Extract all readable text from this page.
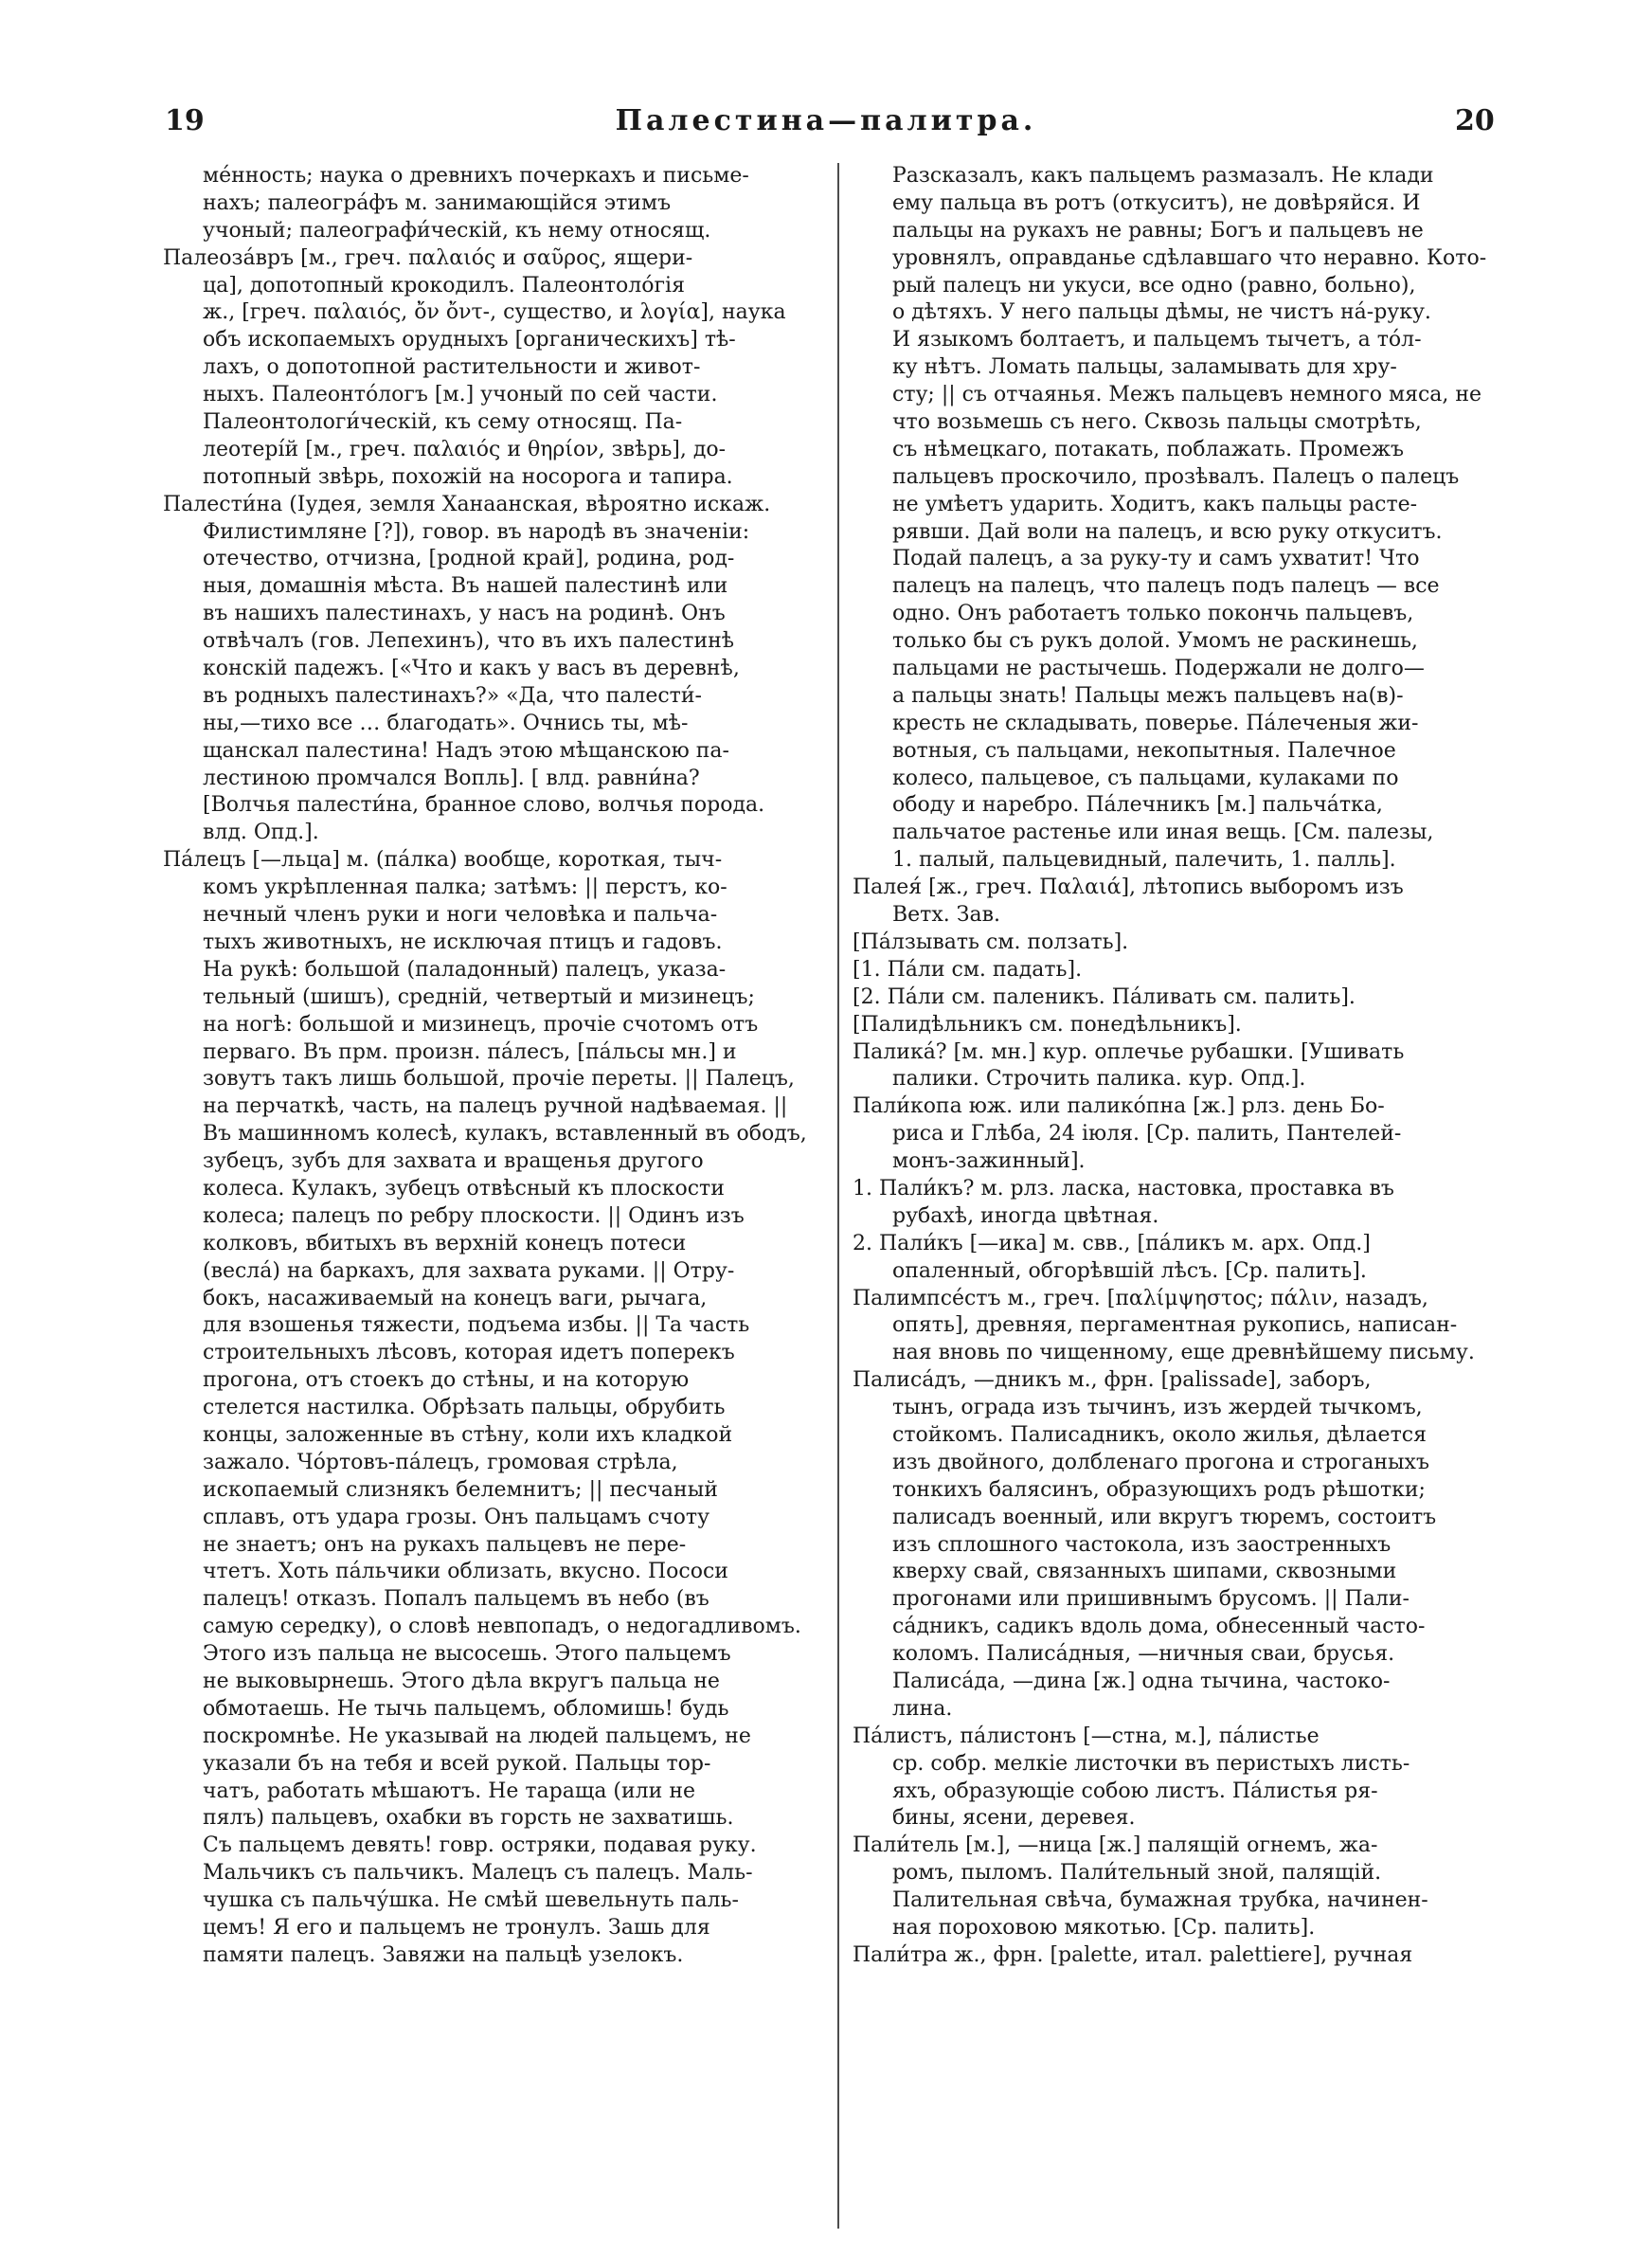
19	Палестина—палитра.	20
ме́нность; наука о древнихъ почеркахъ и письме-
нахъ; палеогра́фъ м. занимающійся этимъ
учоный; палеографи́ческій, къ нему относящ.
Палеоза́връ [м., греч. παλαιός и σαῦρος, ящери-
ца], допотопный крокодилъ. Палеонтоло́гія
ж., [греч. παλαιός, ὄν ὄντ-, существо, и λογία], наука
объ ископаемыхъ орудныхъ [органическихъ] тѣ-
лахъ, о допотопной растительности и живот-
ныхъ. Палеонто́логъ [м.] учоный по сей части.
Палеонтологи́ческій, къ сему относящ. Па-
леотері́й [м., греч. παλαιός и θηρίον, звѣрь], до-
потопный звѣрь, похожій на носорога и тапира.
Палести́на (Іудея, земля Ханаанская, вѣроятно искаж.
Филистимляне [?]), говор. въ народѣ въ значеніи:
отечество, отчизна, [родной край], родина, род-
ныя, домашнія мѣста. Въ нашей палестинѣ или
въ нашихъ палестинахъ, у насъ на родинѣ. Онъ
отвѣчалъ (гов. Лепехинъ), что въ ихъ палестинѣ
конскій падежъ. [«Что и какъ у васъ въ деревнѣ,
въ родныхъ палестинахъ?» «Да, что палести́-
ны,—тихо все … благодать». Очнись ты, мѣ-
щанскал палестина! Надъ этою мѣщанскою па-
лестиною промчался Вопль]. [ влд. равни́на?
[Волчья палести́на, бранное слово, волчья порода.
влд. Опд.].
Па́лецъ [—льца] м. (па́лка) вообще, короткая, тыч-
комъ укрѣпленная палка; затѣмъ: || перстъ, ко-
нечный членъ руки и ноги человѣка и пальча-
тыхъ животныхъ, не исключая птицъ и гадовъ.
На рукѣ: большой (паладонный) палецъ, указа-
тельный (шишъ), средній, четвертый и мизинецъ;
на ногѣ: большой и мизинецъ, прочіе счотомъ отъ
перваго. Въ прм. произн. па́лесъ, [па́льсы мн.] и
зовутъ такъ лишь большой, прочіе переты. || Палецъ,
на перчаткѣ, часть, на палецъ ручной надѣваемая. ||
Въ машинномъ колесѣ, кулакъ, вставленный въ ободъ,
зубецъ, зубъ для захвата и вращенья другого
колеса. Кулакъ, зубецъ отвѣсный къ плоскости
колеса; палецъ по ребру плоскости. || Одинъ изъ
колковъ, вбитыхъ въ верхній конецъ потеси
(весла́) на баркахъ, для захвата руками. || Отру-
бокъ, насаживаемый на конецъ ваги, рычага,
для взошенья тяжести, подъема избы. || Та часть
строительныхъ лѣсовъ, которая идетъ поперекъ
прогона, отъ стоекъ до стѣны, и на которую
стелется настилка. Обрѣзать пальцы, обрубить
концы, заложенные въ стѣну, коли ихъ кладкой
зажало. Чо́ртовъ-па́лецъ, громовая стрѣла,
ископаемый слизнякъ белемнитъ; || песчаный
сплавъ, отъ удара грозы. Онъ пальцамъ счоту
не знаетъ; онъ на рукахъ пальцевъ не пере-
чтетъ. Хоть па́льчики облизать, вкусно. Пососи
палецъ! отказъ. Попалъ пальцемъ въ небо (въ
самую середку), о словѣ невпопадъ, о недогадливомъ.
Этого изъ пальца не высосешь. Этого пальцемъ
не выковырнешь. Этого дѣла вкругъ пальца не
обмотаешь. Не тычь пальцемъ, обломишь! будь
поскромнѣе. Не указывай на людей пальцемъ, не
указали бъ на тебя и всей рукой. Пальцы тор-
чатъ, работать мѣшаютъ. Не тараща (или не
пялъ) пальцевъ, охабки въ горсть не захватишь.
Съ пальцемъ девять! говр. остряки, подавая руку.
Мальчикъ съ пальчикъ. Малецъ съ палецъ. Маль-
чушка съ пальчу́шка. Не смѣй шевельнуть паль-
цемъ! Я его и пальцемъ не тронулъ. Зашь для
памяти палецъ. Завяжи на пальцѣ узелокъ.
Разсказалъ, какъ пальцемъ размазалъ. Не клади
ему пальца въ ротъ (откуситъ), не довѣряйся. И
пальцы на рукахъ не равны; Богъ и пальцевъ не
уровнялъ, оправданье сдѣлавшаго что неравно. Кото-
рый палецъ ни укуси, все одно (равно, больно),
о дѣтяхъ. У него пальцы дѣмы, не чистъ на́-руку.
И языкомъ болтаетъ, и пальцемъ тычетъ, а то́л-
ку нѣтъ. Ломать пальцы, заламывать для хру-
сту; || съ отчаянья. Межъ пальцевъ немного мяса, не
что возьмешь съ него. Сквозь пальцы смотрѣть,
съ нѣмецкаго, потакать, поблажать. Промежъ
пальцевъ проскочило, прозѣвалъ. Палецъ о палецъ
не умѣетъ ударить. Ходитъ, какъ пальцы расте-
рявши. Дай воли на палецъ, и всю руку откуситъ.
Подай палецъ, а за руку-ту и самъ ухватит! Что
палецъ на палецъ, что палецъ подъ палецъ — все
одно. Онъ работаетъ только покончь пальцевъ,
только бы съ рукъ долой. Умомъ не раскинешь,
пальцами не растычешь. Подержали не долго—
а пальцы знать! Пальцы межъ пальцевъ на(в)-
кресть не складывать, поверье. Па́леченыя жи-
вотныя, съ пальцами, некопытныя. Палечное
колесо, пальцевое, съ пальцами, кулаками по
ободу и наребро. Па́лечникъ [м.] пальча́тка,
пальчатое растенье или иная вещь. [См. палезы,
1. палый, пальцевидный, палечить, 1. палль].
Палея́ [ж., греч. Παλαιά], лѣтопись выборомъ изъ
Ветх. Зав.
[Па́лзывать см. ползать].
[1. Па́ли см. падать].
[2. Па́ли см. паленикъ. Па́ливать см. палить].
[Палидѣльникъ см. понедѣльникъ].
Палика́? [м. мн.] кур. оплечье рубашки. [Ушивать
палики. Строчить палика. кур. Опд.].
Пали́копа юж. или палико́пна [ж.] рлз. день Бо-
риса и Глѣба, 24 іюля. [Ср. палить, Пантелей-
монъ-зажинный].
1. Пали́къ? м. рлз. ласка, настовка, проставка въ
рубахѣ, иногда цвѣтная.
2. Пали́къ [—ика] м. свв., [па́ликъ м. арх. Опд.]
опаленный, обгорѣвшій лѣсъ. [Ср. палить].
Палимпсе́стъ м., греч. [παλίμψηστος; πάλιν, назадъ,
опять], древняя, пергаментная рукопись, написан-
ная вновь по чищенному, еще древнѣйшему письму.
Палиса́дъ, —дникъ м., фрн. [palissade], заборъ,
тынъ, ограда изъ тычинъ, изъ жердей тычкомъ,
стойкомъ. Палисадникъ, около жилья, дѣлается
изъ двойного, долбленаго прогона и строганыхъ
тонкихъ балясинъ, образующихъ родъ рѣшотки;
палисадъ военный, или вкругъ тюремъ, состоитъ
изъ сплошного частокола, изъ заостренныхъ
кверху свай, связанныхъ шипами, сквозными
прогонами или пришивнымъ брусомъ. || Пали-
са́дникъ, садикъ вдоль дома, обнесенный часто-
коломъ. Палиса́дныя, —ничныя сваи, брусья.
Палиса́да, —дина [ж.] одна тычина, частоко-
лина.
Па́листъ, па́листонъ [—стна, м.], па́листье
ср. собр. мелкіе листочки въ перистыхъ листь-
яхъ, образующіе собою листъ. Па́листья ря-
бины, ясени, деревея.
Пали́тель [м.], —ница [ж.] палящій огнемъ, жа-
ромъ, пыломъ. Пали́тельный зной, палящій.
Палительная свѣча, бумажная трубка, начинен-
ная пороховою мякотью. [Ср. палить].
Пали́тра ж., фрн. [palette, итал. palettiere], ручная
